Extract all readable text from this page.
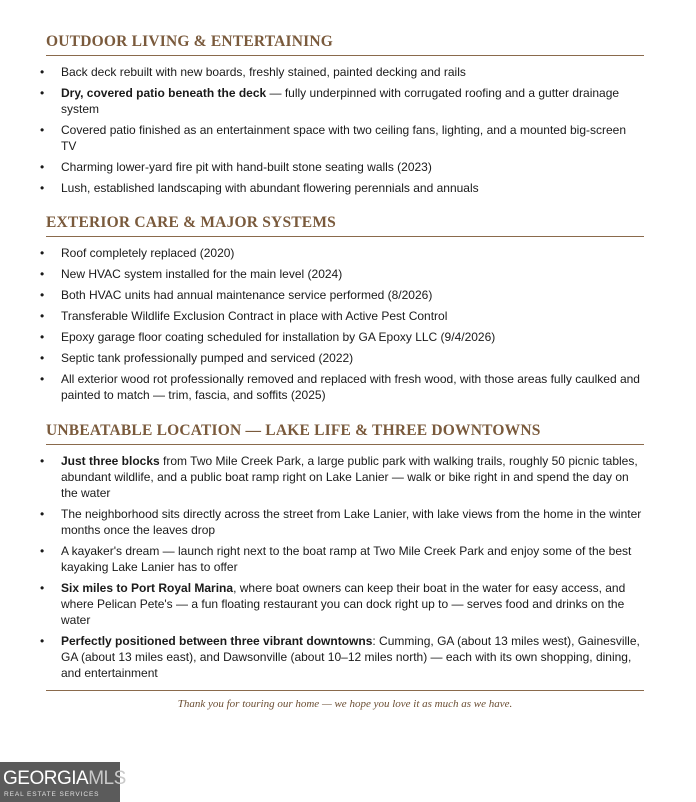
OUTDOOR LIVING & ENTERTAINING
• Back deck rebuilt with new boards, freshly stained, painted decking and rails
• Dry, covered patio beneath the deck — fully underpinned with corrugated roofing and a gutter drainage system
• Covered patio finished as an entertainment space with two ceiling fans, lighting, and a mounted big-screen TV
• Charming lower-yard fire pit with hand-built stone seating walls (2023)
• Lush, established landscaping with abundant flowering perennials and annuals
EXTERIOR CARE & MAJOR SYSTEMS
• Roof completely replaced (2020)
• New HVAC system installed for the main level (2024)
• Both HVAC units had annual maintenance service performed (8/2026)
• Transferable Wildlife Exclusion Contract in place with Active Pest Control
• Epoxy garage floor coating scheduled for installation by GA Epoxy LLC (9/4/2026)
• Septic tank professionally pumped and serviced (2022)
• All exterior wood rot professionally removed and replaced with fresh wood, with those areas fully caulked and painted to match — trim, fascia, and soffits (2025)
UNBEATABLE LOCATION — LAKE LIFE & THREE DOWNTOWNS
• Just three blocks from Two Mile Creek Park, a large public park with walking trails, roughly 50 picnic tables, abundant wildlife, and a public boat ramp right on Lake Lanier — walk or bike right in and spend the day on the water
• The neighborhood sits directly across the street from Lake Lanier, with lake views from the home in the winter months once the leaves drop
• A kayaker's dream — launch right next to the boat ramp at Two Mile Creek Park and enjoy some of the best kayaking Lake Lanier has to offer
• Six miles to Port Royal Marina, where boat owners can keep their boat in the water for easy access, and where Pelican Pete's — a fun floating restaurant you can dock right up to — serves food and drinks on the water
• Perfectly positioned between three vibrant downtowns: Cumming, GA (about 13 miles west), Gainesville, GA (about 13 miles east), and Dawsonville (about 10–12 miles north) — each with its own shopping, dining, and entertainment
Thank you for touring our home — we hope you love it as much as we have.
GEORGIAMLS
REAL ESTATE SERVICES
